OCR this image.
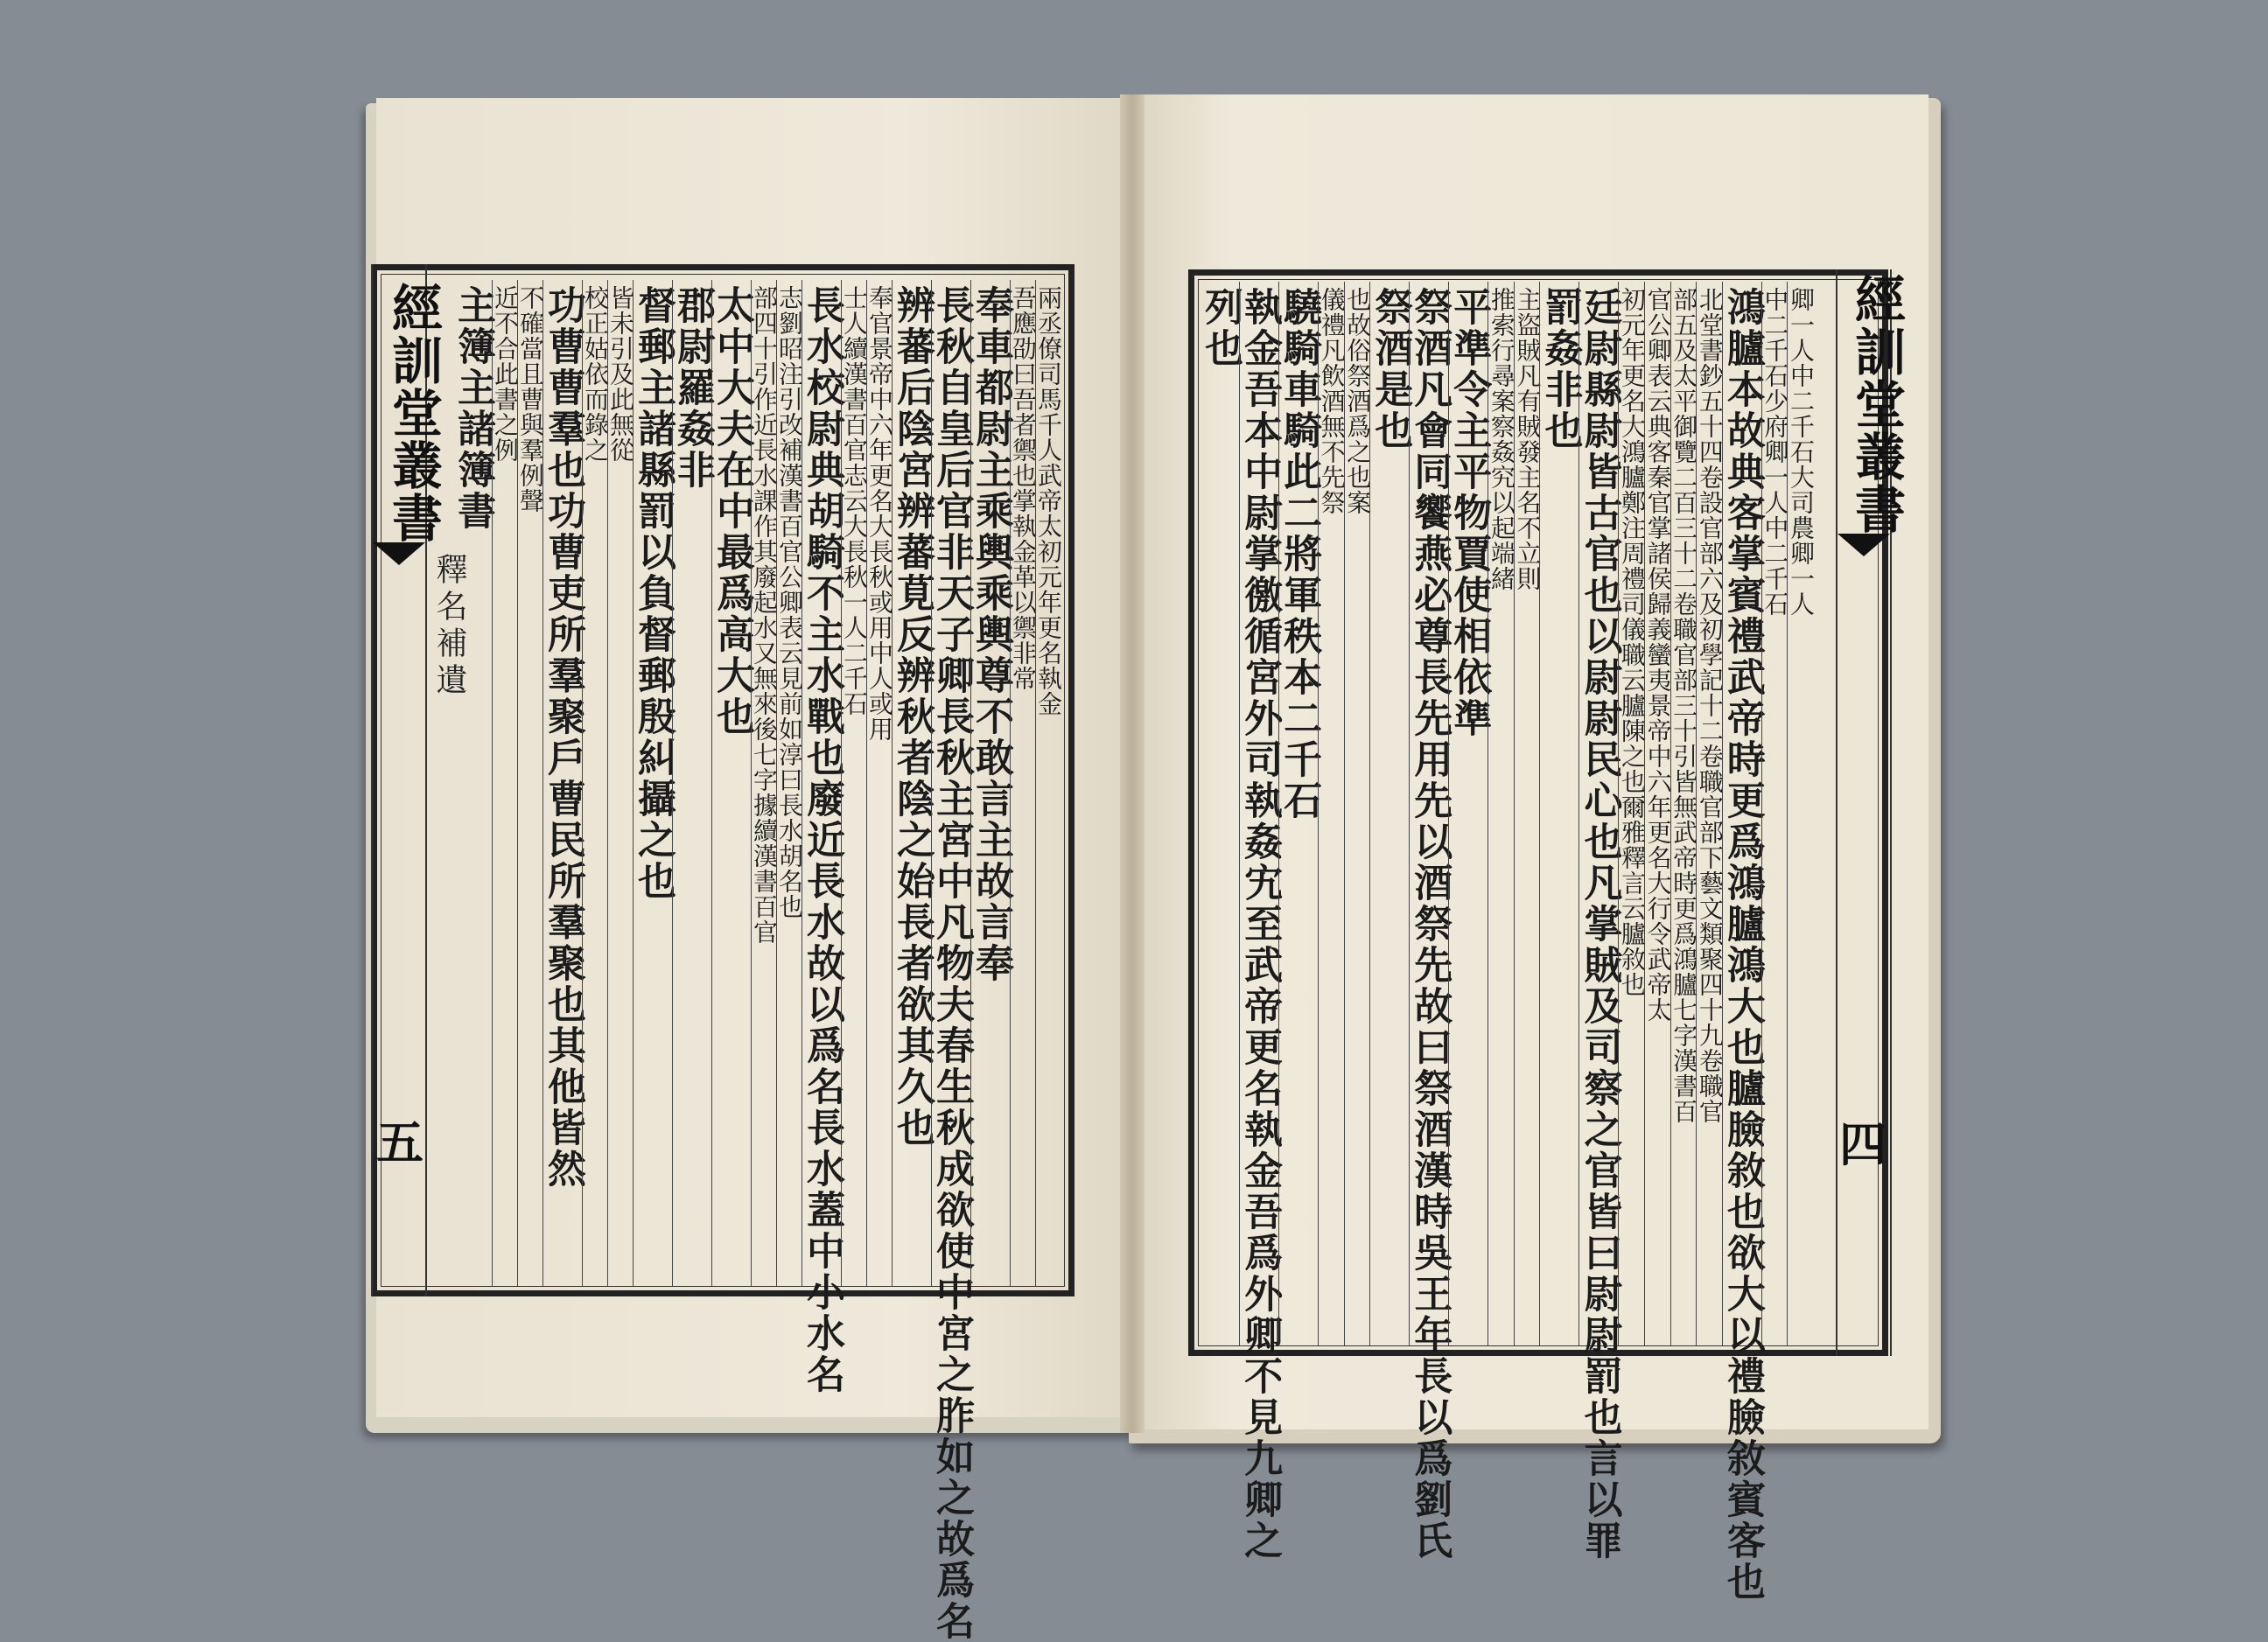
經訓堂叢書
釋名補遺
五
兩丞僚司馬千人武帝太初元年更名執金
吾應劭曰吾者禦也掌執金革以禦非常
奉車都尉主乘輿乘輿尊不敢言主故言奉
長秋自皇后官非天子卿長秋主宮中凡物夫春生秋成欲使中宮之胙如之故爲名
辨蕃后陰宮辨蕃莧反辨秋者陰之始長者欲其久也
奉官景帝中六年更名大長秋或用中人或用
士人續漢書百官志云大長秋一人二千石
長水校尉典胡騎不主水戰也廢近長水故以爲名長水蓋中小水名
志劉昭注引改補漢書百官公卿表云見前如淳曰長水胡名也
部四十引作近長水課作其廢起水又無來後七字據續漢書百官
太中大夫在中最爲高大也
郡尉羅姦非
督郵主諸縣罰以負督郵殷糾攝之也
皆未引及此無從
校正姑依而錄之
功曹曹羣也功曹吏所羣聚戶曹民所羣聚也其他皆然
不確當且曹與羣例聲
近不合此書之例
主簿主諸簿書	經訓堂叢書
四
卿一人中二千石大司農卿一人
中二千石少府卿一人中二千石
鴻臚本故典客掌賓禮武帝時更爲鴻臚鴻大也臚臉敘也欲大以禮臉敘賓客也
北堂書鈔五十四卷設官部六及初學記十二卷職官部下藝文類聚四十九卷職官
部五及太平御覽二百三十二卷職官部三十引皆無武帝時更爲鴻臚七字漢書百
官公卿表云典客秦官掌諸侯歸義蠻夷景帝中六年更名大行令武帝太
初元年更名大鴻臚鄭注周禮司儀職云臚陳之也爾雅釋言云臚敘也
廷尉縣尉皆古官也以尉尉民心也凡掌賊及司察之官皆曰尉尉罰也言以罪
罰姦非也
主盜賊凡有賊發主名不立則
推索行尋案察姦究以起端緒
平準令主平物賈使相依準
祭酒凡會同饗燕必尊長先用先以酒祭先故曰祭酒漢時吳王年長以爲劉氏
祭酒是也
也故俗祭酒爲之也案
儀禮凡飲酒無不先祭
驍騎車騎此二將軍秩本二千石
執金吾本中尉掌徼循宮外司執姦宄至武帝更名執金吾爲外卿不見九卿之
列也
